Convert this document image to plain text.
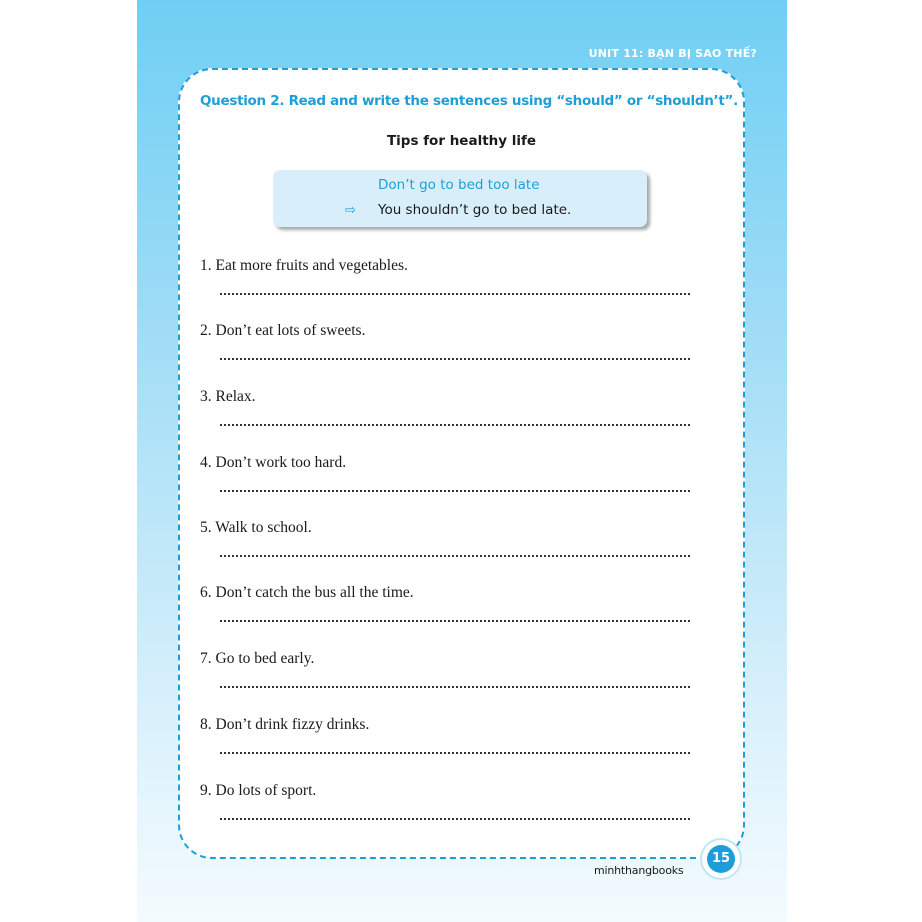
UNIT 11: BẠN BỊ SAO THẾ?
Question 2. Read and write the sentences using “should” or “shouldn’t”.
Tips for healthy life
Don’t go to bed too late
⇨ You shouldn’t go to bed late.
1. Eat more fruits and vegetables.
2. Don’t eat lots of sweets.
3. Relax.
4. Don’t work too hard.
5. Walk to school.
6. Don’t catch the bus all the time.
7. Go to bed early.
8. Don’t drink fizzy drinks.
9. Do lots of sport.
minhthangbooks
15
